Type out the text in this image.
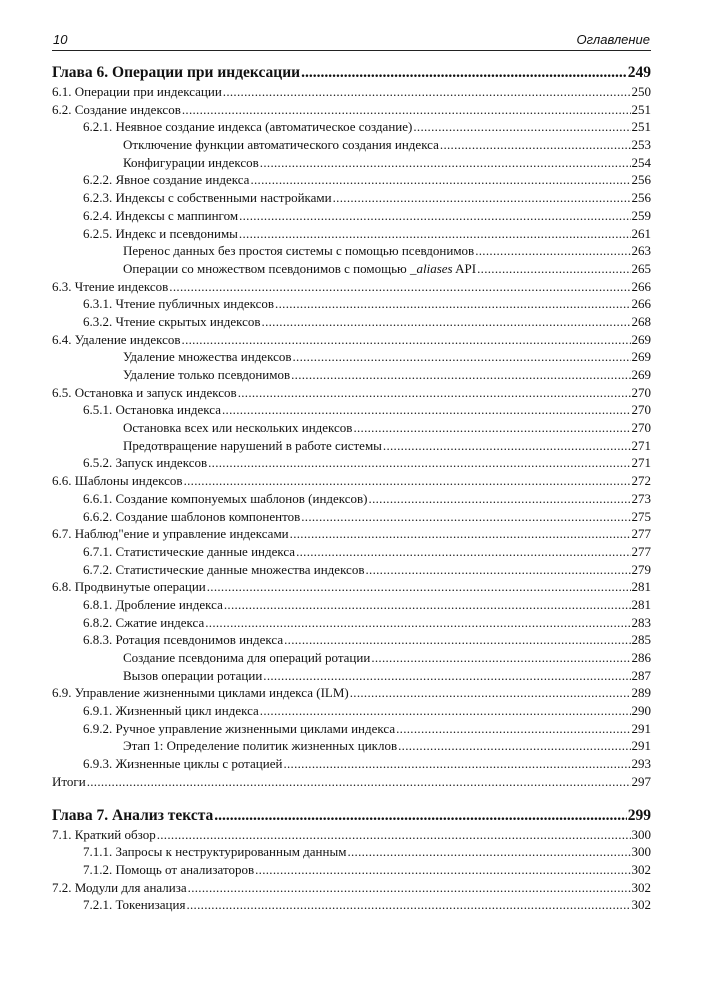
10	Оглавление
Глава 6. Операции при индексации .....	249
6.1. Операции при индексации .....	250
6.2. Создание индексов .....	251
6.2.1. Неявное создание индекса (автоматическое создание) .....	251
Отключение функции автоматического создания индекса .....	253
Конфигурации индексов .....	254
6.2.2. Явное создание индекса .....	256
6.2.3. Индексы с собственными настройками .....	256
6.2.4. Индексы с маппингом .....	259
6.2.5. Индекс и псевдонимы .....	261
Перенос данных без простоя системы с помощью псевдонимов .....	263
Операции со множеством псевдонимов с помощью _aliases API .....	265
6.3. Чтение индексов .....	266
6.3.1. Чтение публичных индексов .....	266
6.3.2. Чтение скрытых индексов .....	268
6.4. Удаление индексов .....	269
Удаление множества индексов .....	269
Удаление только псевдонимов .....	269
6.5. Остановка и запуск индексов .....	270
6.5.1. Остановка индекса .....	270
Остановка всех или нескольких индексов .....	270
Предотвращение нарушений в работе системы .....	271
6.5.2. Запуск индексов .....	271
6.6. Шаблоны индексов .....	272
6.6.1. Создание компонуемых шаблонов (индексов) .....	273
6.6.2. Создание шаблонов компонентов .....	275
6.7. Наблюд"ение и управление индексами .....	277
6.7.1. Статистические данные индекса .....	277
6.7.2. Статистические данные множества индексов .....	279
6.8. Продвинутые операции .....	281
6.8.1. Дробление индекса .....	281
6.8.2. Сжатие индекса .....	283
6.8.3. Ротация псевдонимов индекса .....	285
Создание псевдонима для операций ротации .....	286
Вызов операции ротации .....	287
6.9. Управление жизненными циклами индекса (ILM) .....	289
6.9.1. Жизненный цикл индекса .....	290
6.9.2. Ручное управление жизненными циклами индекса .....	291
Этап 1: Определение политик жизненных циклов .....	291
6.9.3. Жизненные циклы с ротацией .....	293
Итоги .....	297
Глава 7. Анализ текста .....	299
7.1. Краткий обзор .....	300
7.1.1. Запросы к неструктурированным данным .....	300
7.1.2. Помощь от анализаторов .....	302
7.2. Модули для анализа .....	302
7.2.1. Токенизация .....	302
